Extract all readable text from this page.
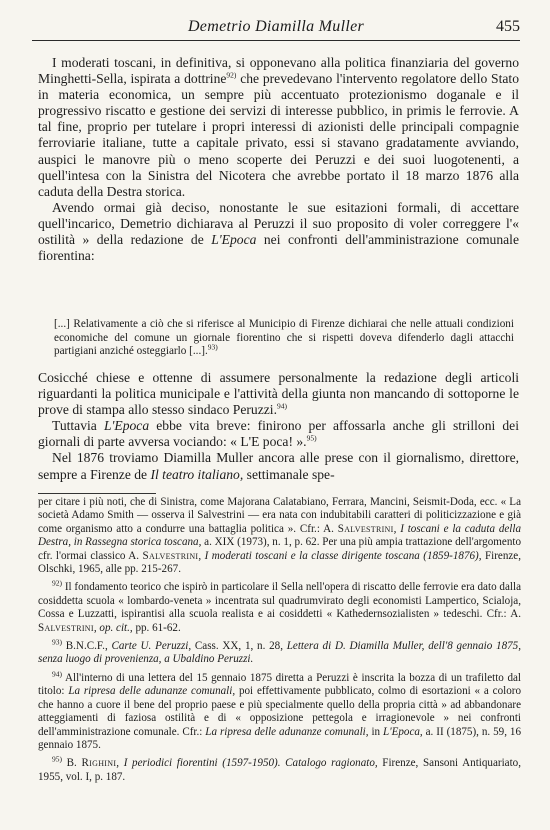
Demetrio Diamilla Muller	455

I moderati toscani, in definitiva, si opponevano alla politica finanziaria del governo Minghetti-Sella, ispirata a dottrine$^{92)}$ che prevedevano l'intervento regolatore dello Stato in materia economica, un sempre più accentuato protezionismo doganale e il progressivo riscatto e gestione dei servizi di interesse pubblico, in primis le ferrovie. A tal fine, proprio per tutelare i propri interessi di azionisti delle principali compagnie ferroviarie italiane, tutte a capitale privato, essi si stavano gradatamente avviando, auspici le manovre più o meno scoperte dei Peruzzi e dei suoi luogotenenti, a quell'intesa con la Sinistra del Nicotera che avrebbe portato il 18 marzo 1876 alla caduta della Destra storica.

Avendo ormai già deciso, nonostante le sue esitazioni formali, di accettare quell'incarico, Demetrio dichiarava al Peruzzi il suo proposito di voler correggere l'« ostilità » della redazione de L'Epoca nei confronti dell'amministrazione comunale fiorentina:

[...] Relativamente a ciò che si riferisce al Municipio di Firenze dichiarai che nelle attuali condizioni economiche del comune un giornale fiorentino che si rispetti doveva difenderlo dagli attacchi partigiani anziché osteggiarlo [...].$^{93)}$

Cosicché chiese e ottenne di assumere personalmente la redazione degli articoli riguardanti la politica municipale e l'attività della giunta non mancando di sottoporne le prove di stampa allo stesso sindaco Peruzzi.$^{94)}$

Tuttavia L'Epoca ebbe vita breve: finirono per affossarla anche gli strilloni dei giornali di parte avversa vociando: « L'E poca! ».$^{95)}$

Nel 1876 troviamo Diamilla Muller ancora alle prese con il giornalismo, direttore, sempre a Firenze de Il teatro italiano, settimanale spe-

per citare i più noti, che di Sinistra, come Majorana Calatabiano, Ferrara, Mancini, Seismit-Doda, ecc. « La società Adamo Smith — osserva il Salvestrini — era nata con indubitabili caratteri di politicizzazione e già come organismo atto a condurre una battaglia politica ». Cfr.: A. Salvestrini, I toscani e la caduta della Destra, in Rassegna storica toscana, a. XIX (1973), n. 1, p. 62. Per una più ampia trattazione dell'argomento cfr. l'ormai classico A. Salvestrini, I moderati toscani e la classe dirigente toscana (1859-1876), Firenze, Olschki, 1965, alle pp. 215-267.

$^{92)}$ Il fondamento teorico che ispirò in particolare il Sella nell'opera di riscatto delle ferrovie era dato dalla cosiddetta scuola « lombardo-veneta » incentrata sul quadrumvirato degli economisti Lampertico, Scialoja, Cossa e Luzzatti, ispirantisi alla scuola realista e ai cosiddetti « Kathedernsozialisten » tedeschi. Cfr.: A. Salvestrini, op. cit., pp. 61-62.

$^{93)}$ B.N.C.F., Carte U. Peruzzi, Cass. XX, 1, n. 28, Lettera di D. Diamilla Muller, dell'8 gennaio 1875, senza luogo di provenienza, a Ubaldino Peruzzi.

$^{94)}$ All'interno di una lettera del 15 gennaio 1875 diretta a Peruzzi è inscrita la bozza di un trafiletto dal titolo: La ripresa delle adunanze comunali, poi effettivamente pubblicato, colmo di esortazioni « a coloro che hanno a cuore il bene del proprio paese e più specialmente quello della propria città » ad abbandonare atteggiamenti di faziosa ostilità e di « opposizione pettegola e irragionevole » nei confronti dell'amministrazione comunale. Cfr.: La ripresa delle adunanze comunali, in L'Epoca, a. II (1875), n. 59, 16 gennaio 1875.

$^{95)}$ B. Righini, I periodici fiorentini (1597-1950). Catalogo ragionato, Firenze, Sansoni Antiquariato, 1955, vol. I, p. 187.
